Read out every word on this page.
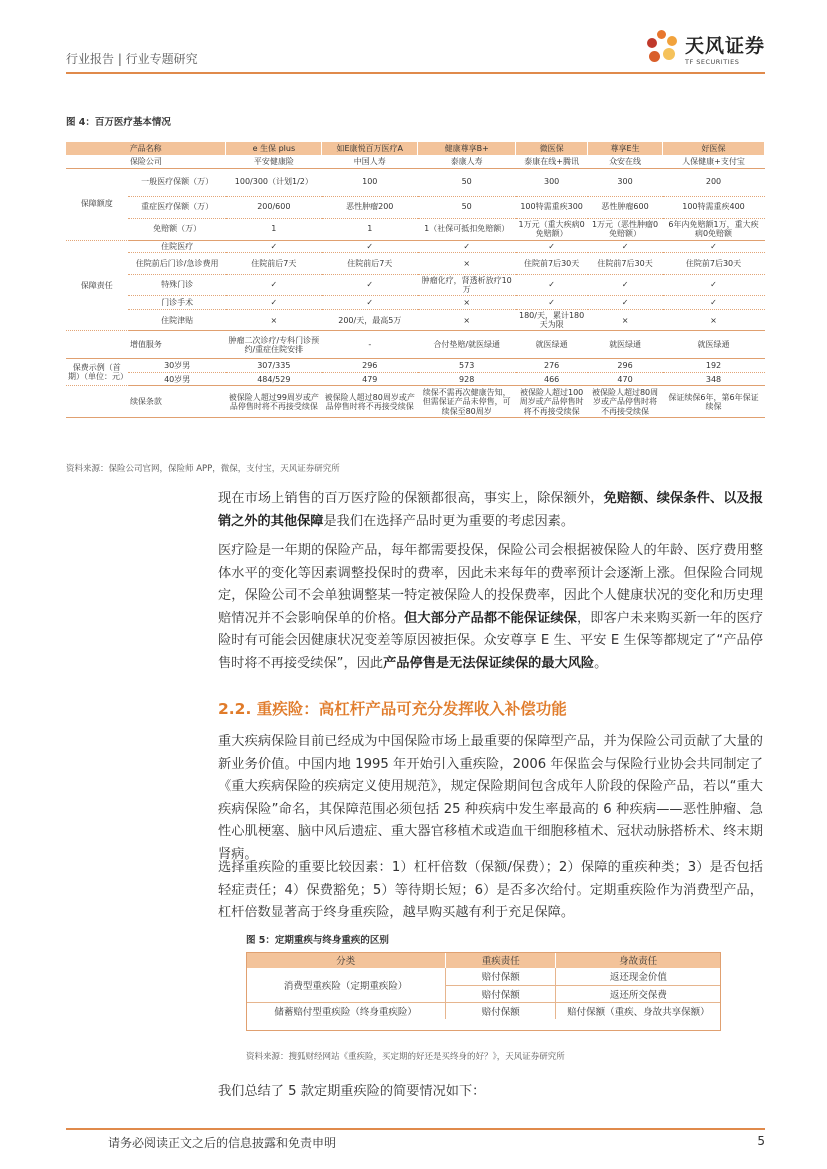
行业报告 | 行业专题研究
天风证券
TF SECURITIES
图 4：百万医疗基本情况
产品名称		e 生保 plus	如E康悦百万医疗A	健康尊享B+	微医保	尊享E生	好医保
保险公司		平安健康险	中国人寿	泰康人寿	泰康在线+腾讯	众安在线	人保健康+支付宝
保障额度	一般医疗保额（万）	100/300（计划1/2）	100	50	300	300	200
	重症医疗保额（万）	200/600	恶性肿瘤200	50	100特需重疾300	恶性肿瘤600	100特需重疾400
	免赔额（万）	1	1	1（社保可抵扣免赔额）	1万元（重大疾病0免赔额）	1万元（恶性肿瘤0免赔额）	6年内免赔额1万，重大疾病0免赔额
保障责任	住院医疗	✓	✓	✓	✓	✓	✓
	住院前后门诊/急诊费用	住院前后7天	住院前后7天	×	住院前7后30天	住院前7后30天	住院前7后30天
	特殊门诊	✓	✓	肿瘤化疗，肾透析放疗10万	✓	✓	✓
	门诊手术	✓	✓	×	✓	✓	✓
	住院津贴	×	200/天，最高5万	×	180/天，累计180天为限	×	×
增值服务		肿瘤二次诊疗/专科门诊预约/重症住院安排	-	合付垫赔/就医绿通	就医绿通	就医绿通	就医绿通
保费示例（首期）（单位：元）	30岁男	307/335	296	573	276	296	192
	40岁男	484/529	479	928	466	470	348
续保条款		被保险人超过99周岁或产品停售时将不再接受续保	被保险人超过80周岁或产品停售时将不再接受续保	续保不需再次健康告知，但需保证产品未停售，可续保至80周岁	被保险人超过100周岁或产品停售时将不再接受续保	被保险人超过80周岁或产品停售时将不再接受续保	保证续保6年，第6年保证续保
资料来源：保险公司官网，保险师 APP，微保，支付宝，天风证券研究所
现在市场上销售的百万医疗险的保额都很高，事实上，除保额外，免赔额、续保条件、以及报销之外的其他保障是我们在选择产品时更为重要的考虑因素。
医疗险是一年期的保险产品，每年都需要投保，保险公司会根据被保险人的年龄、医疗费用整体水平的变化等因素调整投保时的费率，因此未来每年的费率预计会逐渐上涨。但保险合同规定，保险公司不会单独调整某一特定被保险人的投保费率，因此个人健康状况的变化和历史理赔情况并不会影响保单的价格。但大部分产品都不能保证续保，即客户未来购买新一年的医疗险时有可能会因健康状况变差等原因被拒保。众安尊享 E 生、平安 E 生保等都规定了“产品停售时将不再接受续保”，因此产品停售是无法保证续保的最大风险。
2.2. 重疾险：高杠杆产品可充分发挥收入补偿功能
重大疾病保险目前已经成为中国保险市场上最重要的保障型产品，并为保险公司贡献了大量的新业务价值。中国内地 1995 年开始引入重疾险，2006 年保监会与保险行业协会共同制定了《重大疾病保险的疾病定义使用规范》，规定保险期间包含成年人阶段的保险产品，若以“重大疾病保险”命名，其保障范围必须包括 25 种疾病中发生率最高的 6 种疾病——恶性肿瘤、急性心肌梗塞、脑中风后遗症、重大器官移植术或造血干细胞移植术、冠状动脉搭桥术、终末期肾病。
选择重疾险的重要比较因素：1）杠杆倍数（保额/保费）；2）保障的重疾种类；3）是否包括轻症责任；4）保费豁免；5）等待期长短；6）是否多次给付。定期重疾险作为消费型产品，杠杆倍数显著高于终身重疾险，越早购买越有利于充足保障。
图 5：定期重疾与终身重疾的区别
分类	重疾责任	身故责任
消费型重疾险（定期重疾险）	赔付保额	返还现金价值
	赔付保额	返还所交保费
储蓄赔付型重疾险（终身重疾险）	赔付保额	赔付保额（重疾、身故共享保额）
资料来源：搜狐财经网站《重疾险，买定期的好还是买终身的好？》，天风证券研究所
我们总结了 5 款定期重疾险的简要情况如下：
请务必阅读正文之后的信息披露和免责申明	5
